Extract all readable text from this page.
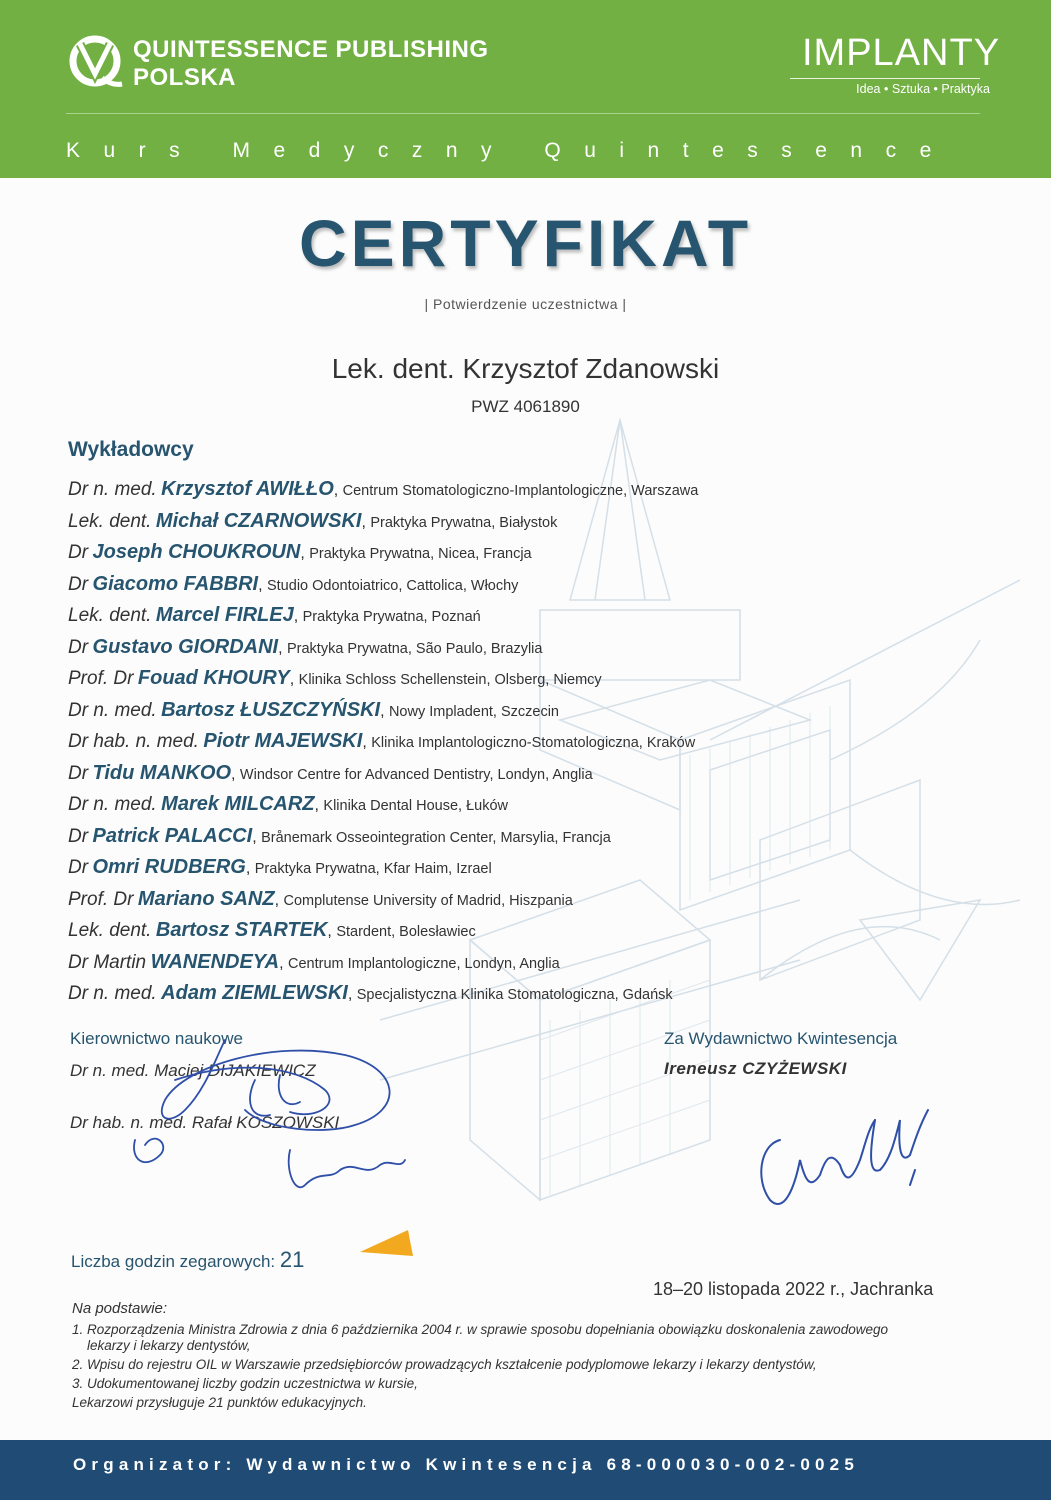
QUINTESSENCE PUBLISHING
POLSKA
IMPLANTY
Idea • Sztuka • Praktyka
Kurs Medyczny Quintessence
CERTYFIKAT
| Potwierdzenie uczestnictwa |
Lek. dent. Krzysztof Zdanowski
PWZ 4061890
Wykładowcy
Dr n. med. Krzysztof AWIŁŁO, Centrum Stomatologiczno-Implantologiczne, Warszawa
Lek. dent. Michał CZARNOWSKI, Praktyka Prywatna, Białystok
Dr Joseph CHOUKROUN, Praktyka Prywatna, Nicea, Francja
Dr Giacomo FABBRI, Studio Odontoiatrico, Cattolica, Włochy
Lek. dent. Marcel FIRLEJ, Praktyka Prywatna, Poznań
Dr Gustavo GIORDANI, Praktyka Prywatna, São Paulo, Brazylia
Prof. Dr Fouad KHOURY, Klinika Schloss Schellenstein, Olsberg, Niemcy
Dr n. med. Bartosz ŁUSZCZYŃSKI, Nowy Impladent, Szczecin
Dr hab. n. med. Piotr MAJEWSKI, Klinika Implantologiczno-Stomatologiczna, Kraków
Dr Tidu MANKOO, Windsor Centre for Advanced Dentistry, Londyn, Anglia
Dr n. med. Marek MILCARZ, Klinika Dental House, Łuków
Dr Patrick PALACCI, Brånemark Osseointegration Center, Marsylia, Francja
Dr Omri RUDBERG, Praktyka Prywatna, Kfar Haim, Izrael
Prof. Dr Mariano SANZ, Complutense University of Madrid, Hiszpania
Lek. dent. Bartosz STARTEK, Stardent, Bolesławiec
Dr Martin WANENDEYA, Centrum Implantologiczne, Londyn, Anglia
Dr n. med. Adam ZIEMLEWSKI, Specjalistyczna Klinika Stomatologiczna, Gdańsk
Kierownictwo naukowe
Dr n. med. Maciej DIJAKIEWICZ
Dr hab. n. med. Rafał KOSZOWSKI
Za Wydawnictwo Kwintesencja
Ireneusz CZYŻEWSKI
Liczba godzin zegarowych: 21
18–20 listopada 2022 r., Jachranka
Na podstawie:
1. Rozporządzenia Ministra Zdrowia z dnia 6 października 2004 r. w sprawie sposobu dopełniania obowiązku doskonalenia zawodowego
lekarzy i lekarzy dentystów,
2. Wpisu do rejestru OIL w Warszawie przedsiębiorców prowadzących kształcenie podyplomowe lekarzy i lekarzy dentystów,
3. Udokumentowanej liczby godzin uczestnictwa w kursie,
Lekarzowi przysługuje 21 punktów edukacyjnych.
Organizator: Wydawnictwo Kwintesencja 68-000030-002-0025
